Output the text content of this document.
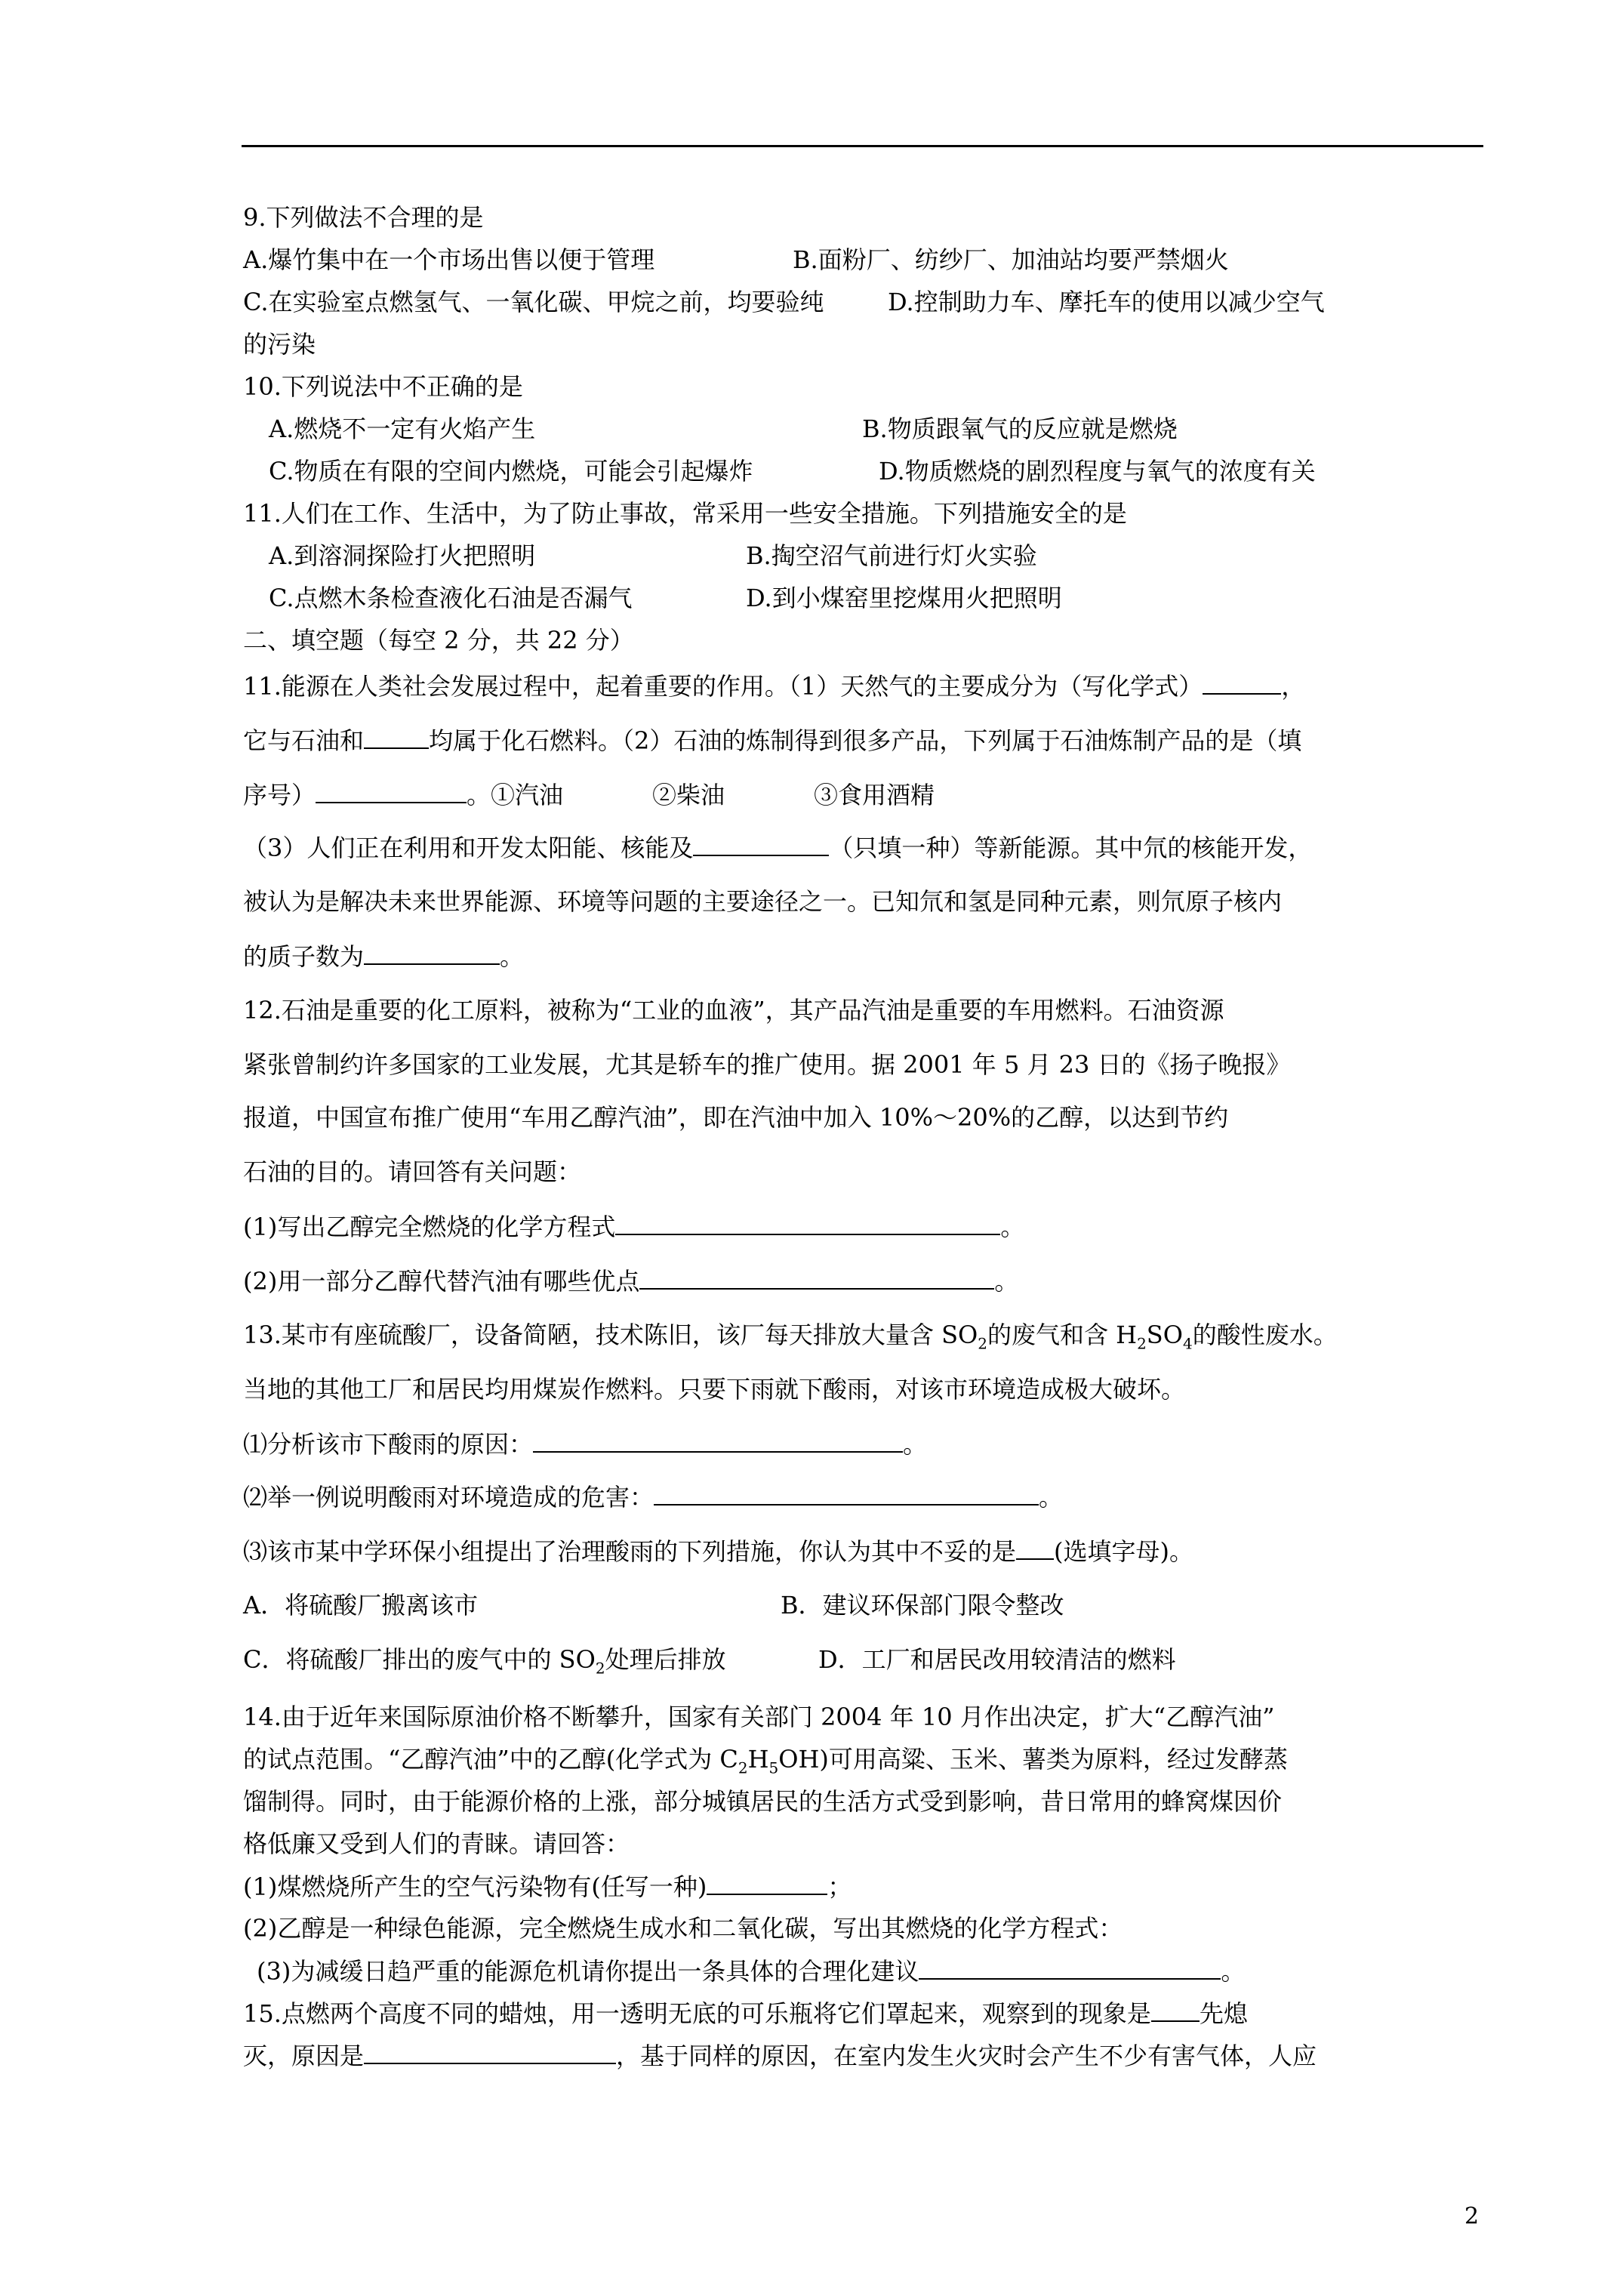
9.下列做法不合理的是
A.爆竹集中在一个市场出售以便于管理	B.面粉厂、纺纱厂、加油站均要严禁烟火
C.在实验室点燃氢气、一氧化碳、甲烷之前，均要验纯	D.控制助力车、摩托车的使用以减少空气
的污染
10.下列说法中不正确的是
A.燃烧不一定有火焰产生	B.物质跟氧气的反应就是燃烧
C.物质在有限的空间内燃烧，可能会引起爆炸	D.物质燃烧的剧烈程度与氧气的浓度有关
11.人们在工作、生活中，为了防止事故，常采用一些安全措施。下列措施安全的是
A.到溶洞探险打火把照明	B.掏空沼气前进行灯火实验
C.点燃木条检查液化石油是否漏气	D.到小煤窑里挖煤用火把照明
二、填空题（每空 2 分，共 22 分）
11.能源在人类社会发展过程中，起着重要的作用。（1）天然气的主要成分为（写化学式）	，
它与石油和	均属于化石燃料。（2）石油的炼制得到很多产品，下列属于石油炼制产品的是（填
序号）	。①汽油	②柴油	③食用酒精
（3）人们正在利用和开发太阳能、核能及	（只填一种）等新能源。其中氘的核能开发，
被认为是解决未来世界能源、环境等问题的主要途径之一。已知氘和氢是同种元素，则氘原子核内
的质子数为	。
12.石油是重要的化工原料，被称为“工业的血液”，其产品汽油是重要的车用燃料。石油资源
紧张曾制约许多国家的工业发展，尤其是轿车的推广使用。据 2001 年 5 月 23 日的《扬子晚报》
报道，中国宣布推广使用“车用乙醇汽油”，即在汽油中加入 10%～20%的乙醇，以达到节约
石油的目的。请回答有关问题：
(1)写出乙醇完全燃烧的化学方程式	。
(2)用一部分乙醇代替汽油有哪些优点	。
13.某市有座硫酸厂，设备简陋，技术陈旧，该厂每天排放大量含 $SO_2$的废气和含 $H_2SO_4$的酸性废水。
当地的其他工厂和居民均用煤炭作燃料。只要下雨就下酸雨，对该市环境造成极大破坏。
⑴分析该市下酸雨的原因：	。
⑵举一例说明酸雨对环境造成的危害：	。
⑶该市某中学环保小组提出了治理酸雨的下列措施，你认为其中不妥的是 (选填字母)。
A．将硫酸厂搬离该市	B．建议环保部门限令整改
C．将硫酸厂排出的废气中的 $SO_2$处理后排放	D．工厂和居民改用较清洁的燃料
14.由于近年来国际原油价格不断攀升，国家有关部门 2004 年 10 月作出决定，扩大“乙醇汽油”
的试点范围。“乙醇汽油”中的乙醇(化学式为 $C_2H_5OH$)可用高粱、玉米、薯类为原料，经过发酵蒸
馏制得。同时，由于能源价格的上涨，部分城镇居民的生活方式受到影响，昔日常用的蜂窝煤因价
格低廉又受到人们的青睐。请回答：
(1)煤燃烧所产生的空气污染物有(任写一种)	；
(2)乙醇是一种绿色能源，完全燃烧生成水和二氧化碳，写出其燃烧的化学方程式：
(3)为减缓日趋严重的能源危机请你提出一条具体的合理化建议	。
15.点燃两个高度不同的蜡烛，用一透明无底的可乐瓶将它们罩起来，观察到的现象是 先熄
灭，原因是	，基于同样的原因，在室内发生火灾时会产生不少有害气体，人应
2
